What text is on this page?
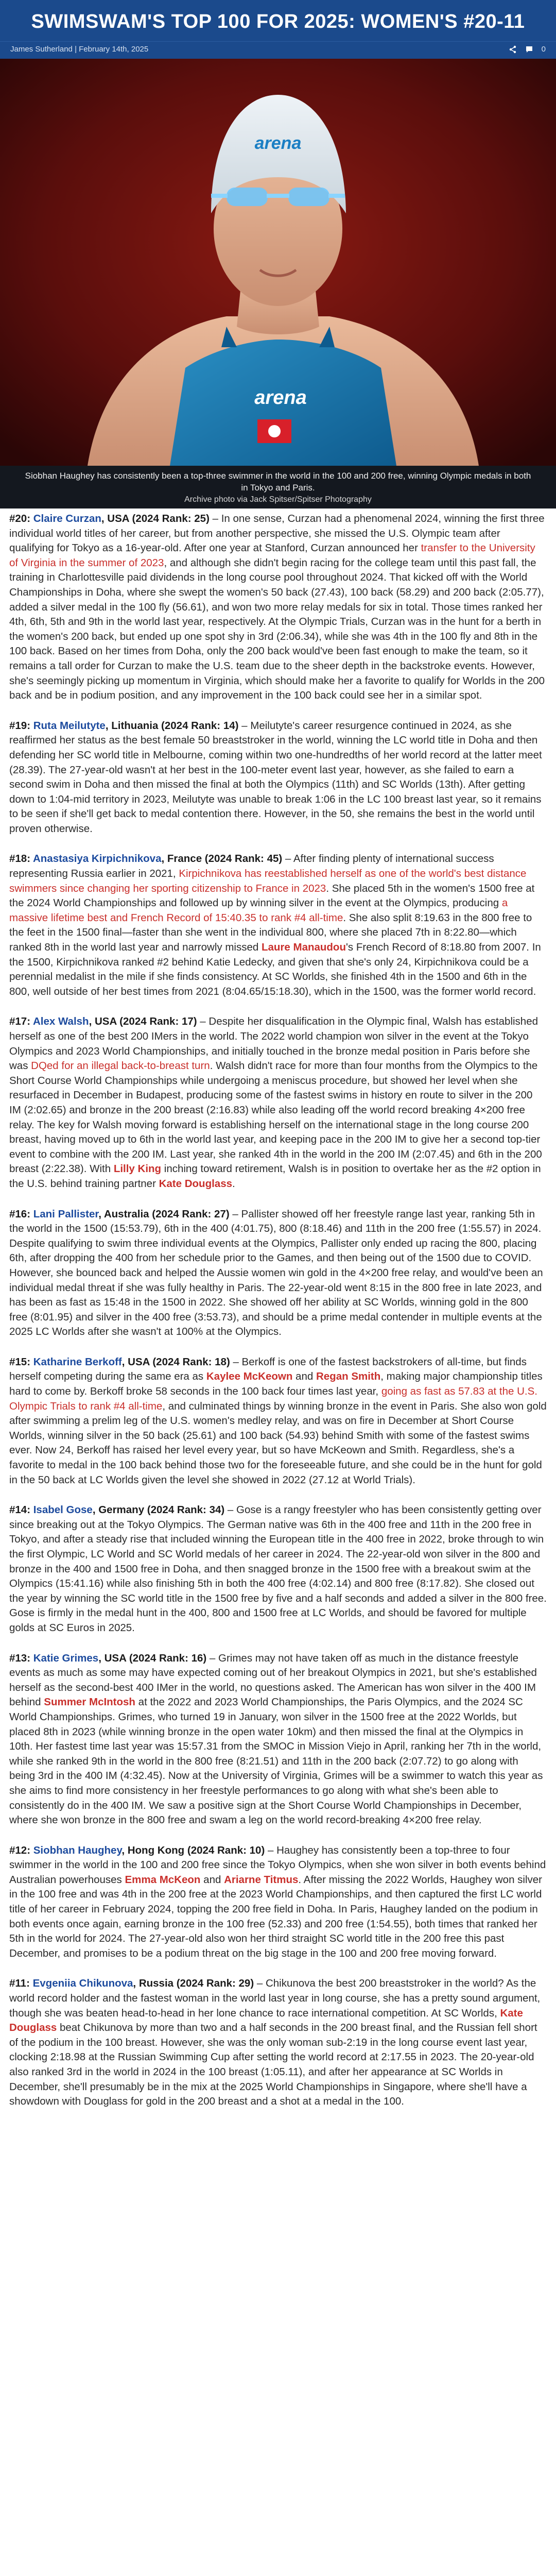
SWIMSWAM'S TOP 100 FOR 2025: WOMEN'S #20-11
James Sutherland | February 14th, 2025	0
arena
arena
Siobhan Haughey has consistently been a top-three swimmer in the world in the 100 and 200 free, winning Olympic medals in both in Tokyo and Paris.
Archive photo via Jack Spitser/Spitser Photography

#20: Claire Curzan, USA (2024 Rank: 25) – In one sense, Curzan had a phenomenal 2024, winning the first three individual world titles of her career, but from another perspective, she missed the U.S. Olympic team after qualifying for Tokyo as a 16-year-old. After one year at Stanford, Curzan announced her transfer to the University of Virginia in the summer of 2023, and although she didn't begin racing for the college team until this past fall, the training in Charlottesville paid dividends in the long course pool throughout 2024. That kicked off with the World Championships in Doha, where she swept the women's 50 back (27.43), 100 back (58.29) and 200 back (2:05.77), added a silver medal in the 100 fly (56.61), and won two more relay medals for six in total. Those times ranked her 4th, 6th, 5th and 9th in the world last year, respectively. At the Olympic Trials, Curzan was in the hunt for a berth in the women's 200 back, but ended up one spot shy in 3rd (2:06.34), while she was 4th in the 100 fly and 8th in the 100 back. Based on her times from Doha, only the 200 back would've been fast enough to make the team, so it remains a tall order for Curzan to make the U.S. team due to the sheer depth in the backstroke events. However, she's seemingly picking up momentum in Virginia, which should make her a favorite to qualify for Worlds in the 200 back and be in podium position, and any improvement in the 100 back could see her in a similar spot.

#19: Ruta Meilutyte, Lithuania (2024 Rank: 14) – Meilutyte's career resurgence continued in 2024, as she reaffirmed her status as the best female 50 breaststroker in the world, winning the LC world title in Doha and then defending her SC world title in Melbourne, coming within two one-hundredths of her world record at the latter meet (28.39). The 27-year-old wasn't at her best in the 100-meter event last year, however, as she failed to earn a second swim in Doha and then missed the final at both the Olympics (11th) and SC Worlds (13th). After getting down to 1:04-mid territory in 2023, Meilutyte was unable to break 1:06 in the LC 100 breast last year, so it remains to be seen if she'll get back to medal contention there. However, in the 50, she remains the best in the world until proven otherwise.

#18: Anastasiya Kirpichnikova, France (2024 Rank: 45) – After finding plenty of international success representing Russia earlier in 2021, Kirpichnikova has reestablished herself as one of the world's best distance swimmers since changing her sporting citizenship to France in 2023. She placed 5th in the women's 1500 free at the 2024 World Championships and followed up by winning silver in the event at the Olympics, producing a massive lifetime best and French Record of 15:40.35 to rank #4 all-time. She also split 8:19.63 in the 800 free to the feet in the 1500 final—faster than she went in the individual 800, where she placed 7th in 8:22.80—which ranked 8th in the world last year and narrowly missed Laure Manaudou's French Record of 8:18.80 from 2007. In the 1500, Kirpichnikova ranked #2 behind Katie Ledecky, and given that she's only 24, Kirpichnikova could be a perennial medalist in the mile if she finds consistency. At SC Worlds, she finished 4th in the 1500 and 6th in the 800, well outside of her best times from 2021 (8:04.65/15:18.30), which in the 1500, was the former world record.

#17: Alex Walsh, USA (2024 Rank: 17) – Despite her disqualification in the Olympic final, Walsh has established herself as one of the best 200 IMers in the world. The 2022 world champion won silver in the event at the Tokyo Olympics and 2023 World Championships, and initially touched in the bronze medal position in Paris before she was DQed for an illegal back-to-breast turn. Walsh didn't race for more than four months from the Olympics to the Short Course World Championships while undergoing a meniscus procedure, but showed her level when she resurfaced in December in Budapest, producing some of the fastest swims in history en route to silver in the 200 IM (2:02.65) and bronze in the 200 breast (2:16.83) while also leading off the world record breaking 4×200 free relay. The key for Walsh moving forward is establishing herself on the international stage in the long course 200 breast, having moved up to 6th in the world last year, and keeping pace in the 200 IM to give her a second top-tier event to combine with the 200 IM. Last year, she ranked 4th in the world in the 200 IM (2:07.45) and 6th in the 200 breast (2:22.38). With Lilly King inching toward retirement, Walsh is in position to overtake her as the #2 option in the U.S. behind training partner Kate Douglass.

#16: Lani Pallister, Australia (2024 Rank: 27) – Pallister showed off her freestyle range last year, ranking 5th in the world in the 1500 (15:53.79), 6th in the 400 (4:01.75), 800 (8:18.46) and 11th in the 200 free (1:55.57) in 2024. Despite qualifying to swim three individual events at the Olympics, Pallister only ended up racing the 800, placing 6th, after dropping the 400 from her schedule prior to the Games, and then being out of the 1500 due to COVID. However, she bounced back and helped the Aussie women win gold in the 4×200 free relay, and would've been an individual medal threat if she was fully healthy in Paris. The 22-year-old went 8:15 in the 800 free in late 2023, and has been as fast as 15:48 in the 1500 in 2022. She showed off her ability at SC Worlds, winning gold in the 800 free (8:01.95) and silver in the 400 free (3:53.73), and should be a prime medal contender in multiple events at the 2025 LC Worlds after she wasn't at 100% at the Olympics.

#15: Katharine Berkoff, USA (2024 Rank: 18) – Berkoff is one of the fastest backstrokers of all-time, but finds herself competing during the same era as Kaylee McKeown and Regan Smith, making major championship titles hard to come by. Berkoff broke 58 seconds in the 100 back four times last year, going as fast as 57.83 at the U.S. Olympic Trials to rank #4 all-time, and culminated things by winning bronze in the event in Paris. She also won gold after swimming a prelim leg of the U.S. women's medley relay, and was on fire in December at Short Course Worlds, winning silver in the 50 back (25.61) and 100 back (54.93) behind Smith with some of the fastest swims ever. Now 24, Berkoff has raised her level every year, but so have McKeown and Smith. Regardless, she's a favorite to medal in the 100 back behind those two for the foreseeable future, and she could be in the hunt for gold in the 50 back at LC Worlds given the level she showed in 2022 (27.12 at World Trials).

#14: Isabel Gose, Germany (2024 Rank: 34) – Gose is a rangy freestyler who has been consistently getting over since breaking out at the Tokyo Olympics. The German native was 6th in the 400 free and 11th in the 200 free in Tokyo, and after a steady rise that included winning the European title in the 400 free in 2022, broke through to win the first Olympic, LC World and SC World medals of her career in 2024. The 22-year-old won silver in the 800 and bronze in the 400 and 1500 free in Doha, and then snagged bronze in the 1500 free with a breakout swim at the Olympics (15:41.16) while also finishing 5th in both the 400 free (4:02.14) and 800 free (8:17.82). She closed out the year by winning the SC world title in the 1500 free by five and a half seconds and added a silver in the 800 free. Gose is firmly in the medal hunt in the 400, 800 and 1500 free at LC Worlds, and should be favored for multiple golds at SC Euros in 2025.

#13: Katie Grimes, USA (2024 Rank: 16) – Grimes may not have taken off as much in the distance freestyle events as much as some may have expected coming out of her breakout Olympics in 2021, but she's established herself as the second-best 400 IMer in the world, no questions asked. The American has won silver in the 400 IM behind Summer McIntosh at the 2022 and 2023 World Championships, the Paris Olympics, and the 2024 SC World Championships. Grimes, who turned 19 in January, won silver in the 1500 free at the 2022 Worlds, but placed 8th in 2023 (while winning bronze in the open water 10km) and then missed the final at the Olympics in 10th. Her fastest time last year was 15:57.31 from the SMOC in Mission Viejo in April, ranking her 7th in the world, while she ranked 9th in the world in the 800 free (8:21.51) and 11th in the 200 back (2:07.72) to go along with being 3rd in the 400 IM (4:32.45). Now at the University of Virginia, Grimes will be a swimmer to watch this year as she aims to find more consistency in her freestyle performances to go along with what she's been able to consistently do in the 400 IM. We saw a positive sign at the Short Course World Championships in December, where she won bronze in the 800 free and swam a leg on the world record-breaking 4×200 free relay.

#12: Siobhan Haughey, Hong Kong (2024 Rank: 10) – Haughey has consistently been a top-three to four swimmer in the world in the 100 and 200 free since the Tokyo Olympics, when she won silver in both events behind Australian powerhouses Emma McKeon and Ariarne Titmus. After missing the 2022 Worlds, Haughey won silver in the 100 free and was 4th in the 200 free at the 2023 World Championships, and then captured the first LC world title of her career in February 2024, topping the 200 free field in Doha. In Paris, Haughey landed on the podium in both events once again, earning bronze in the 100 free (52.33) and 200 free (1:54.55), both times that ranked her 5th in the world for 2024. The 27-year-old also won her third straight SC world title in the 200 free this past December, and promises to be a podium threat on the big stage in the 100 and 200 free moving forward.

#11: Evgeniia Chikunova, Russia (2024 Rank: 29) – Chikunova the best 200 breaststroker in the world? As the world record holder and the fastest woman in the world last year in long course, she has a pretty sound argument, though she was beaten head-to-head in her lone chance to race international competition. At SC Worlds, Kate Douglass beat Chikunova by more than two and a half seconds in the 200 breast final, and the Russian fell short of the podium in the 100 breast. However, she was the only woman sub-2:19 in the long course event last year, clocking 2:18.98 at the Russian Swimming Cup after setting the world record at 2:17.55 in 2023. The 20-year-old also ranked 3rd in the world in 2024 in the 100 breast (1:05.11), and after her appearance at SC Worlds in December, she'll presumably be in the mix at the 2025 World Championships in Singapore, where she'll have a showdown with Douglass for gold in the 200 breast and a shot at a medal in the 100.
